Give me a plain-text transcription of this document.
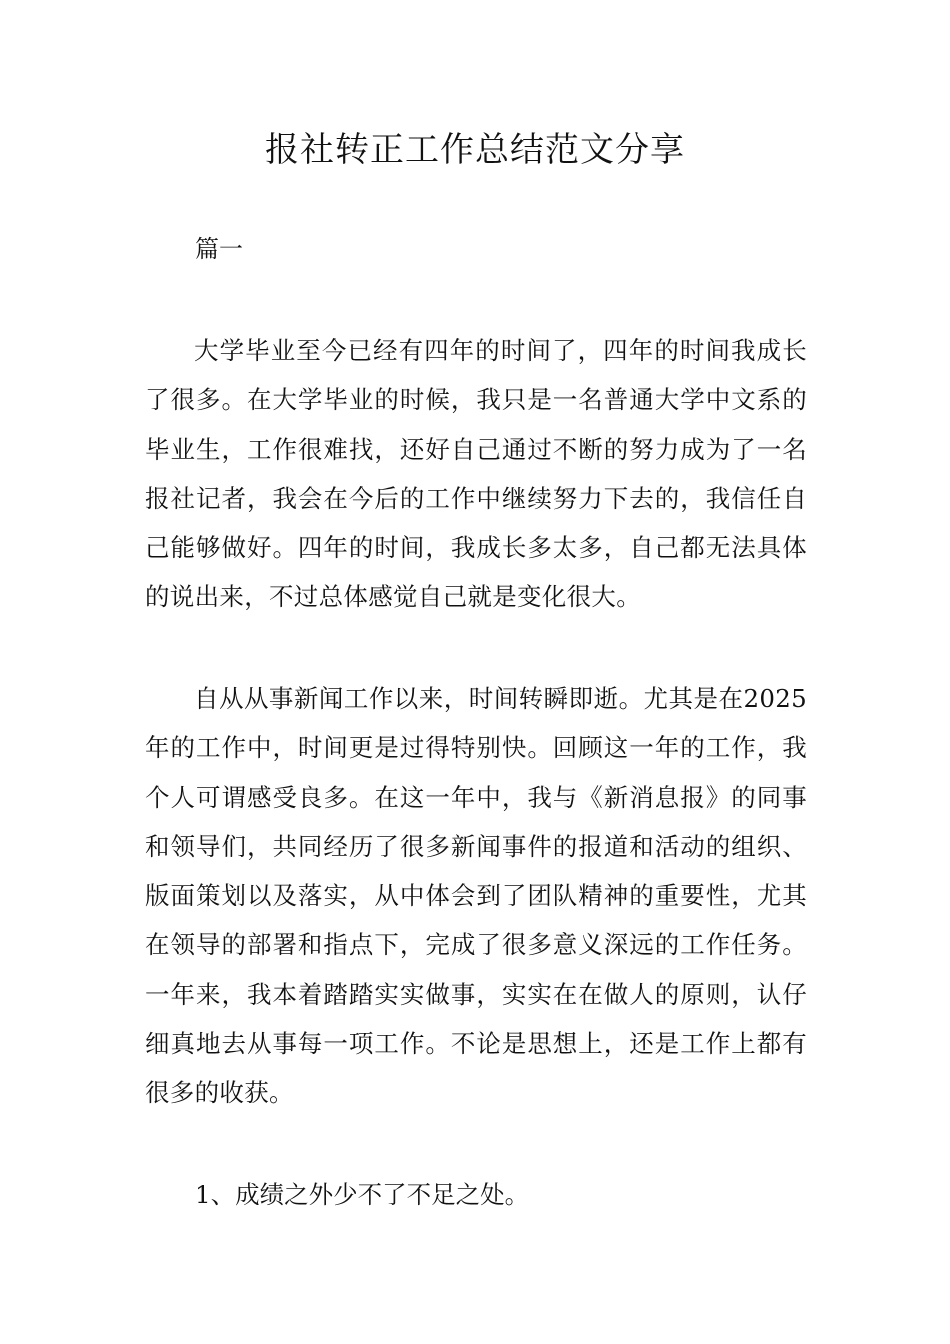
报社转正工作总结范文分享

篇一

大学毕业至今已经有四年的时间了，四年的时间我成长了很多。在大学毕业的时候，我只是一名普通大学中文系的毕业生，工作很难找，还好自己通过不断的努力成为了一名报社记者，我会在今后的工作中继续努力下去的，我信任自己能够做好。四年的时间，我成长多太多，自己都无法具体的说出来，不过总体感觉自己就是变化很大。

自从从事新闻工作以来，时间转瞬即逝。尤其是在2025年的工作中，时间更是过得特别快。回顾这一年的工作，我个人可谓感受良多。在这一年中，我与《新消息报》的同事和领导们，共同经历了很多新闻事件的报道和活动的组织、版面策划以及落实，从中体会到了团队精神的重要性，尤其在领导的部署和指点下，完成了很多意义深远的工作任务。一年来，我本着踏踏实实做事，实实在在做人的原则，认仔细真地去从事每一项工作。不论是思想上，还是工作上都有很多的收获。

1、成绩之外少不了不足之处。
